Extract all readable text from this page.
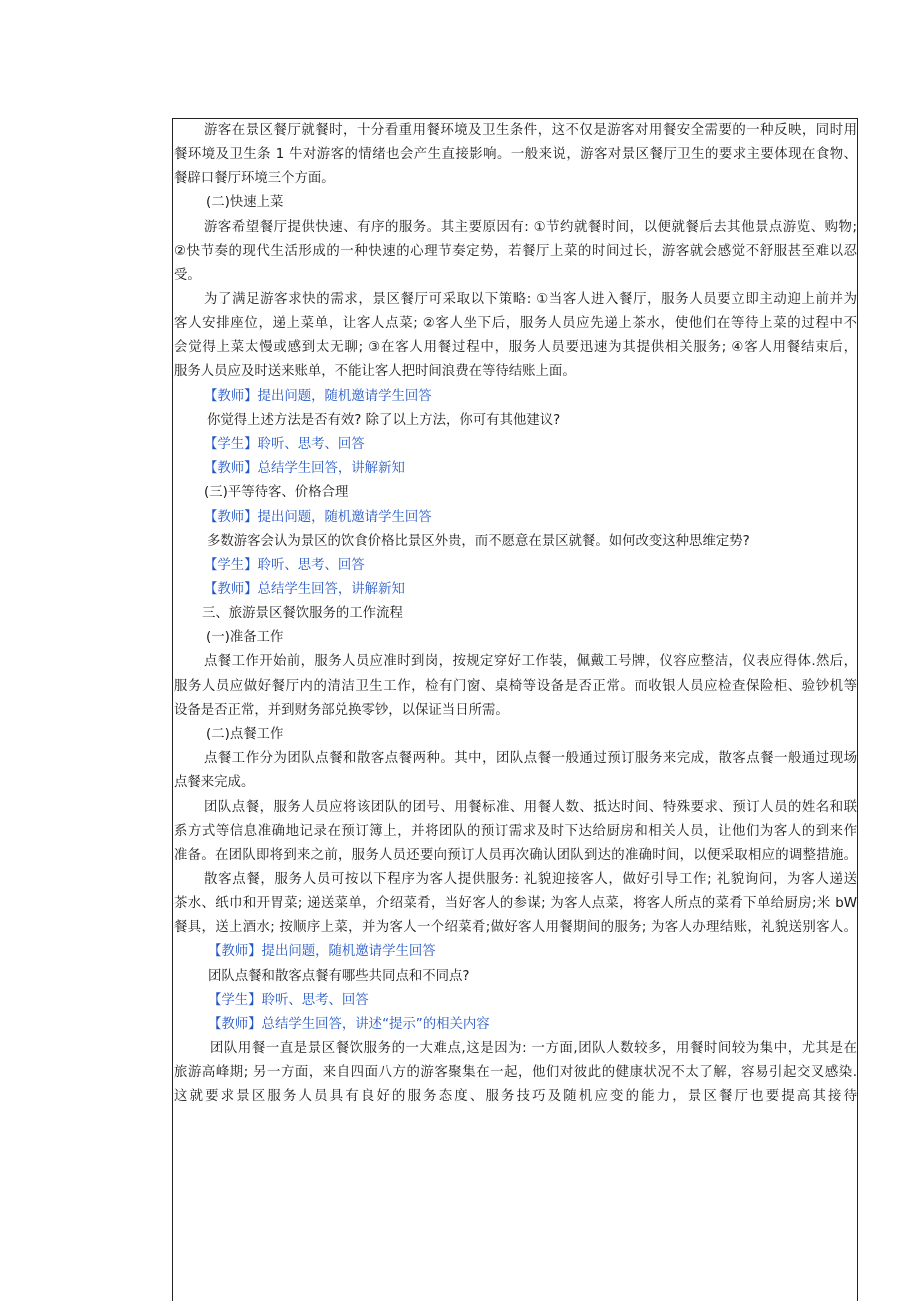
游客在景区餐厅就餐时，十分看重用餐环境及卫生条件，这不仅是游客对用餐安全需要的一种反映，同时用
餐环境及卫生条 1 牛对游客的情绪也会产生直接影响。一般来说，游客对景区餐厅卫生的要求主要体现在食物、
餐辟口餐厅环境三个方面。
(二)快速上菜
游客希望餐厅提供快速、有序的服务。其主要原因有: ①节约就餐时间，以便就餐后去其他景点游览、购物;
②快节奏的现代生活形成的一种快速的心理节奏定势，若餐厅上菜的时间过长，游客就会感觉不舒服甚至难以忍
受。
为了满足游客求快的需求，景区餐厅可采取以下策略: ①当客人进入餐厅，服务人员要立即主动迎上前并为
客人安排座位，递上菜单，让客人点菜; ②客人坐下后，服务人员应先递上茶水，使他们在等待上菜的过程中不
会觉得上菜太慢或感到太无聊; ③在客人用餐过程中，服务人员要迅速为其提供相关服务; ④客人用餐结束后，
服务人员应及时送来账单，不能让客人把时间浪费在等待结账上面。
【教师】提出问题，随机邀请学生回答
你觉得上述方法是否有效? 除了以上方法，你可有其他建议?
【学生】聆听、思考、回答
【教师】总结学生回答，讲解新知
(三)平等待客、价格合理
【教师】提出问题，随机邀请学生回答
多数游客会认为景区的饮食价格比景区外贵，而不愿意在景区就餐。如何改变这种思维定势?
【学生】聆听、思考、回答
【教师】总结学生回答，讲解新知
三、旅游景区餐饮服务的工作流程
(一)准备工作
点餐工作开始前，服务人员应准时到岗，按规定穿好工作装，佩戴工号牌，仪容应整洁，仪表应得体.然后，
服务人员应做好餐厅内的清洁卫生工作，检有门窗、桌椅等设备是否正常。而收银人员应检查保险柜、验钞机等
设备是否正常，并到财务部兑换零钞，以保证当日所需。
(二)点餐工作
点餐工作分为团队点餐和散客点餐两种。其中，团队点餐一般通过预订服务来完成，散客点餐一般通过现场
点餐来完成。
团队点餐，服务人员应将该团队的团号、用餐标准、用餐人数、抵达时间、特殊要求、预订人员的姓名和联
系方式等信息准确地记录在预订簿上，并将团队的预订需求及时下达给厨房和相关人员，让他们为客人的到来作
准备。在团队即将到来之前，服务人员还要向预订人员再次确认团队到达的准确时间，以便采取相应的调整措施。
散客点餐，服务人员可按以下程序为客人提供服务: 礼貌迎接客人，做好引导工作; 礼貌询问，为客人递送
茶水、纸巾和开胃菜; 递送菜单，介绍菜肴，当好客人的参谋; 为客人点菜，将客人所点的菜肴下单给厨房;米 bW
餐具，送上酒水; 按顺序上菜，并为客人一个绍菜肴;做好客人用餐期间的服务; 为客人办理结账，礼貌送别客人。
【教师】提出问题，随机邀请学生回答
团队点餐和散客点餐有哪些共同点和不同点?
【学生】聆听、思考、回答
【教师】总结学生回答，讲述“提示”的相关内容
团队用餐一直是景区餐饮服务的一大难点,这是因为: 一方面,团队人数较多，用餐时间较为集中，尤其是在
旅游高峰期; 另一方面，来自四面八方的游客聚集在一起，他们对彼此的健康状况不太了解，容易引起交叉感染.
这就要求景区服务人员具有良好的服务态度、服务技巧及随机应变的能力，景区餐厅也要提高其接待
